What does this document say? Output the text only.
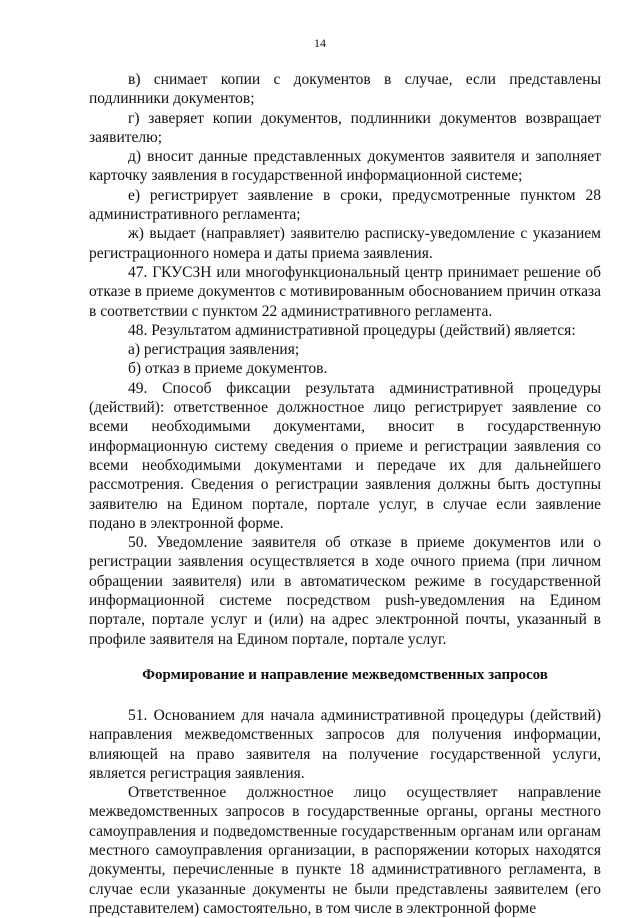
14

в) снимает копии с документов в случае, если представлены подлинники документов;

г) заверяет копии документов, подлинники документов возвращает заявителю;

д) вносит данные представленных документов заявителя и заполняет карточку заявления в государственной информационной системе;

е) регистрирует заявление в сроки, предусмотренные пунктом 28 административного регламента;

ж) выдает (направляет) заявителю расписку-уведомление с указанием регистрационного номера и даты приема заявления.

47. ГКУСЗН или многофункциональный центр принимает решение об отказе в приеме документов с мотивированным обоснованием причин отказа в соответствии с пунктом 22 административного регламента.

48. Результатом административной процедуры (действий) является:

а) регистрация заявления;

б) отказ в приеме документов.

49. Способ фиксации результата административной процедуры (действий): ответственное должностное лицо регистрирует заявление со всеми необходимыми документами, вносит в государственную информационную систему сведения о приеме и регистрации заявления со всеми необходимыми документами и передаче их для дальнейшего рассмотрения. Сведения о регистрации заявления должны быть доступны заявителю на Едином портале, портале услуг, в случае если заявление подано в электронной форме.

50. Уведомление заявителя об отказе в приеме документов или о регистрации заявления осуществляется в ходе очного приема (при личном обращении заявителя) или в автоматическом режиме в государственной информационной системе посредством push-уведомления на Едином портале, портале услуг и (или) на адрес электронной почты, указанный в профиле заявителя на Едином портале, портале услуг.

Формирование и направление межведомственных запросов

51. Основанием для начала административной процедуры (действий) направления межведомственных запросов для получения информации, влияющей на право заявителя на получение государственной услуги, является регистрация заявления.

Ответственное должностное лицо осуществляет направление межведомственных запросов в государственные органы, органы местного самоуправления и подведомственные государственным органам или органам местного самоуправления организации, в распоряжении которых находятся документы, перечисленные в пункте 18 административного регламента, в случае если указанные документы не были представлены заявителем (его представителем) самостоятельно, в том числе в электронной форме
